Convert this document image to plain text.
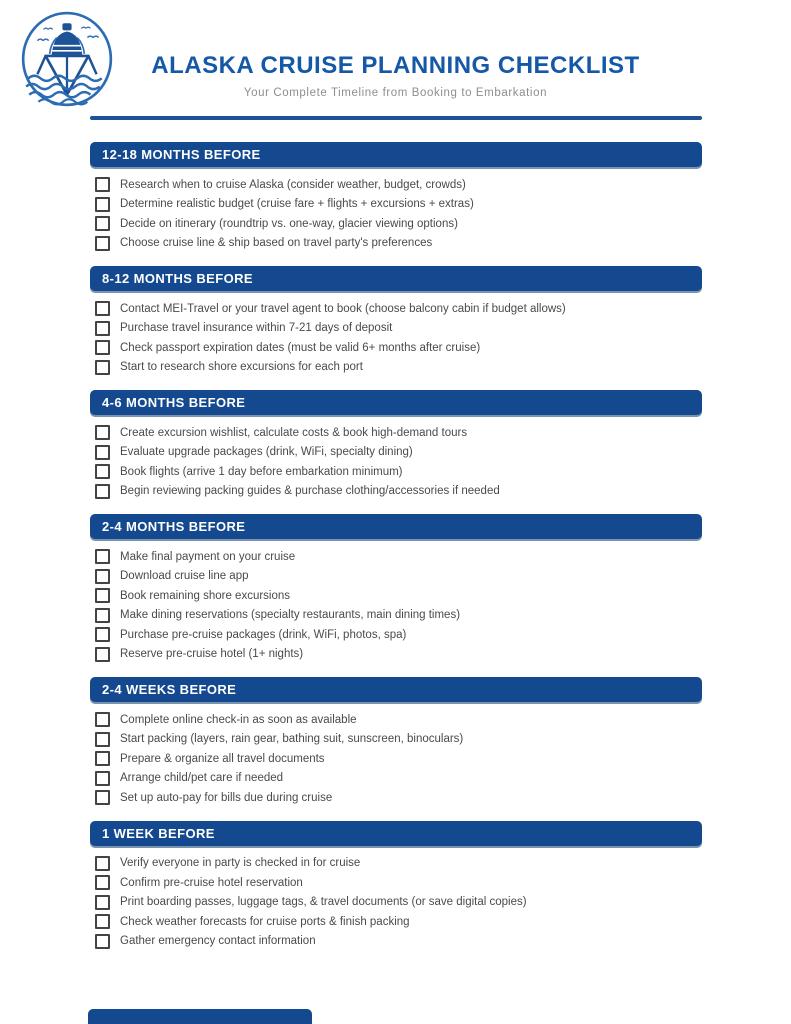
ALASKA CRUISE PLANNING CHECKLIST
Your Complete Timeline from Booking to Embarkation
12-18 MONTHS BEFORE
Research when to cruise Alaska (consider weather, budget, crowds)
Determine realistic budget (cruise fare + flights + excursions + extras)
Decide on itinerary (roundtrip vs. one-way, glacier viewing options)
Choose cruise line & ship based on travel party's preferences
8-12 MONTHS BEFORE
Contact MEI-Travel or your travel agent to book (choose balcony cabin if budget allows)
Purchase travel insurance within 7-21 days of deposit
Check passport expiration dates (must be valid 6+ months after cruise)
Start to research shore excursions for each port
4-6 MONTHS BEFORE
Create excursion wishlist, calculate costs & book high-demand tours
Evaluate upgrade packages (drink, WiFi, specialty dining)
Book flights (arrive 1 day before embarkation minimum)
Begin reviewing packing guides & purchase clothing/accessories if needed
2-4 MONTHS BEFORE
Make final payment on your cruise
Download cruise line app
Book remaining shore excursions
Make dining reservations (specialty restaurants, main dining times)
Purchase pre-cruise packages (drink, WiFi, photos, spa)
Reserve pre-cruise hotel (1+ nights)
2-4 WEEKS BEFORE
Complete online check-in as soon as available
Start packing (layers, rain gear, bathing suit, sunscreen, binoculars)
Prepare & organize all travel documents
Arrange child/pet care if needed
Set up auto-pay for bills due during cruise
1 WEEK BEFORE
Verify everyone in party is checked in for cruise
Confirm pre-cruise hotel reservation
Print boarding passes, luggage tags, & travel documents (or save digital copies)
Check weather forecasts for cruise ports & finish packing
Gather emergency contact information
